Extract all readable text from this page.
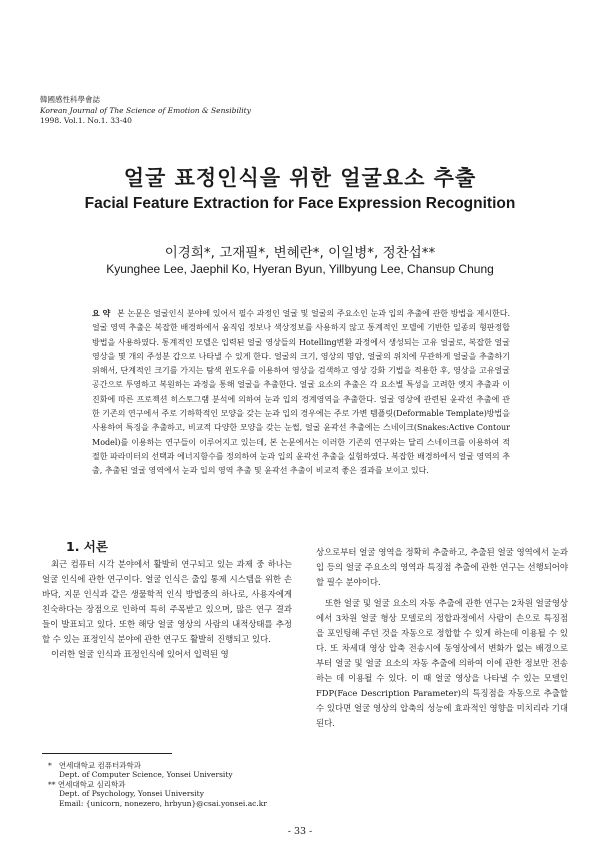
韓國感性科學會誌
Korean Journal of The Science of Emotion & Sensibility
1998. Vol.1. No.1. 33-40
얼굴 표정인식을 위한 얼굴요소 추출
Facial Feature Extraction for Face Expression Recognition
이경희*, 고재필*, 변혜란*, 이일병*, 정찬섭**
Kyunghee Lee, Jaephil Ko, Hyeran Byun, Yillbyung Lee, Chansup Chung
요 약 본 논문은 얼굴인식 분야에 있어서 필수 과정인 얼굴 및 얼굴의 주요소인 눈과 입의 추출에 관한 방법을 제시한다. 얼굴 영역 추출은 복잡한 배경하에서 움직임 정보나 색상정보를 사용하지 않고 통계적인 모델에 기반한 일종의 형판정합 방법을 사용하였다. 통계적인 모델은 입력된 얼굴 영상들의 Hotelling변환 과정에서 생성되는 고유 얼굴로, 복잡한 얼굴 영상을 몇 개의 주성분 갑으로 나타낼 수 있게 한다. 얼굴의 크기, 영상의 명암, 얼굴의 위치에 무관하게 얼굴을 추출하기 위해서, 단계적인 크기를 가지는 탐색 윈도우를 이용하여 영상을 검색하고 영상 강화 기법을 적용한 후, 영상을 고유얼굴 공간으로 투영하고 복원하는 과정을 통해 얼굴을 추출한다. 얼굴 요소의 추출은 각 요소별 특성을 고려한 엣지 추출과 이진화에 따른 프로젝션 히스토그램 분석에 의하여 눈과 입의 경계영역을 추출한다. 얼굴 영상에 관련된 윤곽선 추출에 관한 기존의 연구에서 주로 기하학적인 모양을 갖는 눈과 입의 경우에는 주로 가변 템플릿(Deformable Template)방법을 사용하여 특징을 추출하고, 비교적 다양한 모양을 갖는 눈썹, 얼굴 윤곽선 추출에는 스네이크(Snakes:Active Contour Model)를 이용하는 연구들이 이루어지고 있는데, 본 논문에서는 이러한 기존의 연구와는 달리 스네이크를 이용하여 적절한 파라미터의 선택과 에너지함수를 정의하여 눈과 입의 윤곽선 추출을 실험하였다. 복잡한 배경하에서 얼굴 영역의 추출, 추출된 얼굴 영역에서 눈과 입의 영역 추출 및 윤곽선 추출이 비교적 좋은 결과를 보이고 있다.
1. 서론

최근 컴퓨터 시각 분야에서 활발히 연구되고 있는 과제 중 하나는 얼굴 인식에 관한 연구이다. 얼굴 인식은 출입 통제 시스템을 위한 손바닥, 지문 인식과 같은 생물학적 인식 방법중의 하나로, 사용자에게 친숙하다는 장점으로 인하여 특히 주목받고 있으며, 많은 연구 결과들이 발표되고 있다. 또한 해당 얼굴 영상의 사람의 내적상태를 추정할 수 있는 표정인식 분야에 관한 연구도 활발히 진행되고 있다.

이러한 얼굴 인식과 표정인식에 있어서 입력된 영

상으로부터 얼굴 영역을 정확히 추출하고, 추출된 얼굴 영역에서 눈과 입 등의 얼굴 주요소의 영역과 특징점 추출에 관한 연구는 선행되어야 할 필수 분야이다.

또한 얼굴 및 얼굴 요소의 자동 추출에 관한 연구는 2차원 얼굴영상에서 3차원 얼굴 형상 모델로의 정합과정에서 사람이 손으로 특징점을 포인팅해 주던 것을 자동으로 정합할 수 있게 하는데 이용될 수 있다. 또 차세대 영상 압축 전송시에 동영상에서 변화가 없는 배경으로부터 얼굴 및 얼굴 요소의 자동 추출에 의하여 이에 관한 정보만 전송하는 데 이용될 수 있다. 이 때 얼굴 영상을 나타낼 수 있는 모델인 FDP(Face Description Parameter)의 특징점을 자동으로 추출할 수 있다면 얼굴 영상의 압축의 성능에 효과적인 영향을 미치리라 기대된다.

* 연세대학교 컴퓨터과학과
Dept. of Computer Science, Yonsei University
** 연세대학교 심리학과
Dept. of Psychology, Yonsei University
Email: {unicorn, nonezero, hrbyun}@csai.yonsei.ac.kr
- 33 -
